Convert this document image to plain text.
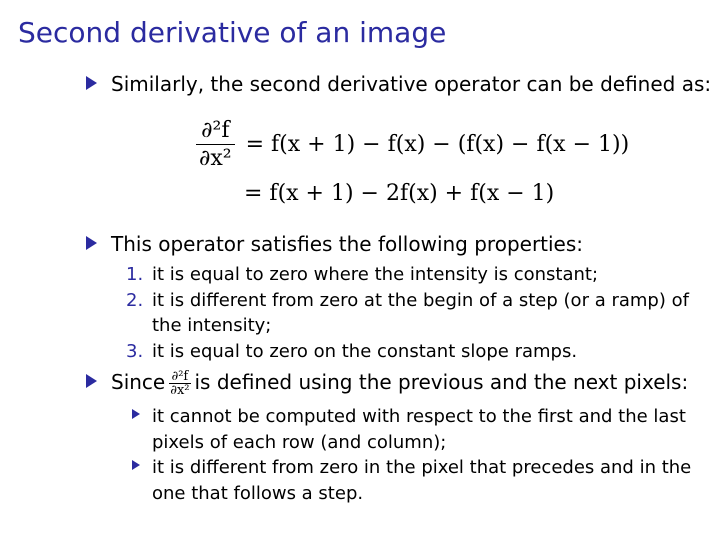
Second derivative of an image
Similarly, the second derivative operator can be defined as:
$\frac{\text{∂²f}}{\text{∂x²}} = f(x + 1) - f(x) - (f(x) - f(x - 1))$
= f(x + 1) − 2f(x) + f(x − 1)
This operator satisfies the following properties:
1. it is equal to zero where the intensity is constant;
2. it is different from zero at the begin of a step (or a ramp) of
the intensity;
3. it is equal to zero on the constant slope ramps.
Since $\frac{\text{∂²f}}{\text{∂x²}}$ is defined using the previous and the next pixels:
it cannot be computed with respect to the first and the last
pixels of each row (and column);
it is different from zero in the pixel that precedes and in the
one that follows a step.
